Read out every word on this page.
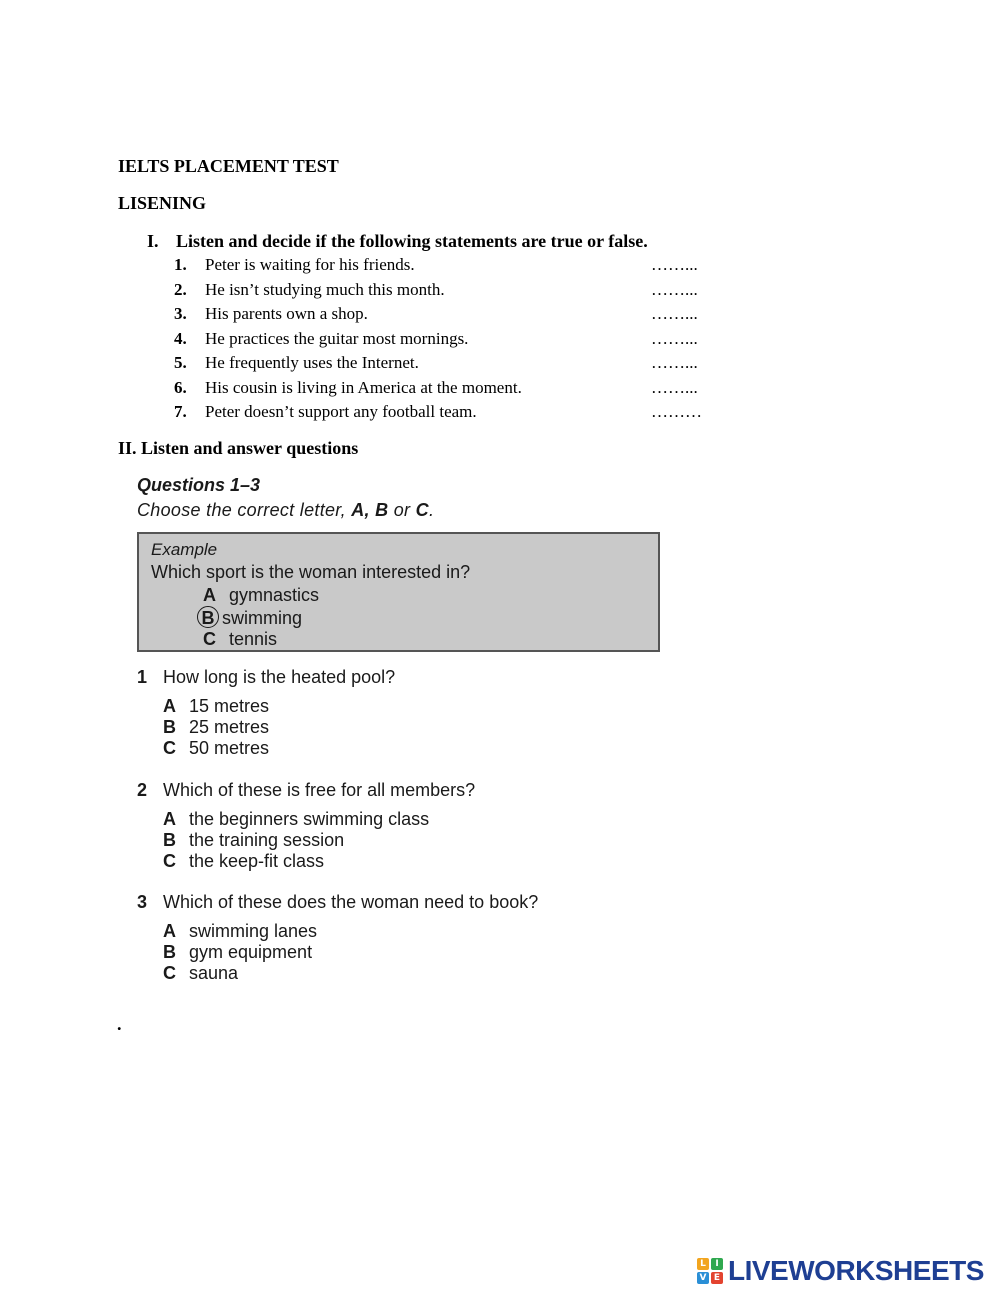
IELTS PLACEMENT TEST
LISENING
I. Listen and decide if the following statements are true or false.
1. Peter is waiting for his friends.	……...
2. He isn’t studying much this month.	……...
3. His parents own a shop.	……...
4. He practices the guitar most mornings.	……...
5. He frequently uses the Internet.	……...
6. His cousin is living in America at the moment.	……...
7. Peter doesn’t support any football team.	………
II. Listen and answer questions
Questions 1–3
Choose the correct letter, A, B or C.
Example
Which sport is the woman interested in?
A gymnastics
B swimming
C tennis
1 How long is the heated pool?
A 15 metres
B 25 metres
C 50 metres
2 Which of these is free for all members?
A the beginners swimming class
B the training session
C the keep-fit class
3 Which of these does the woman need to book?
A swimming lanes
B gym equipment
C sauna
.
L	I
V E LIVEWORKSHEETS
